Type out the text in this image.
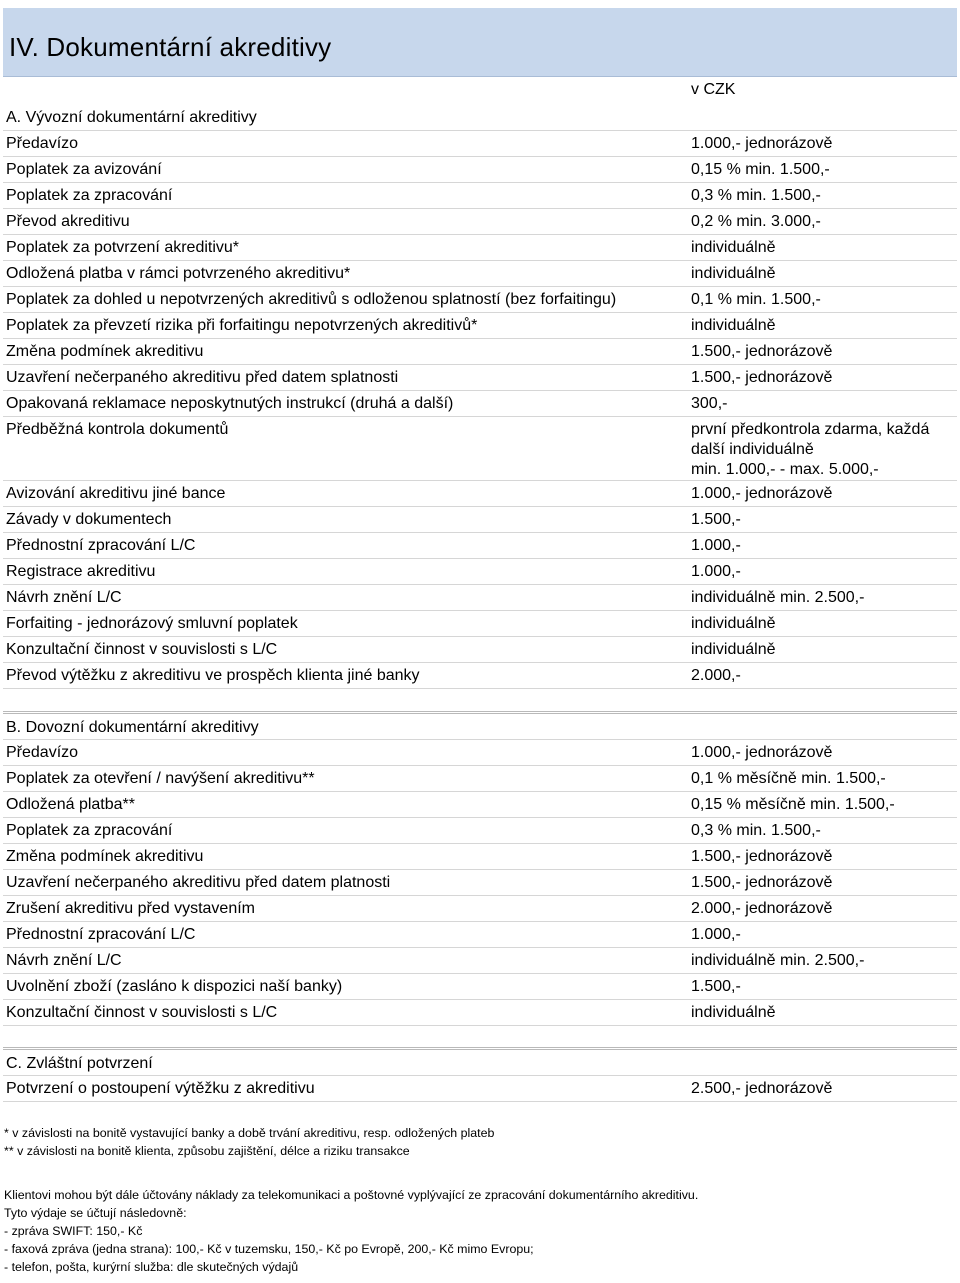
IV. Dokumentární akreditivy
v CZK
A. Vývozní dokumentární akreditivy
Předavízo	1.000,- jednorázově
Poplatek za avizování	0,15 % min. 1.500,-
Poplatek za zpracování	0,3 % min. 1.500,-
Převod akreditivu	0,2 % min. 3.000,-
Poplatek za potvrzení akreditivu*	individuálně
Odložená platba v rámci potvrzeného akreditivu*	individuálně
Poplatek za dohled u nepotvrzených akreditivů s odloženou splatností (bez forfaitingu)	0,1 % min. 1.500,-
Poplatek za převzetí rizika při forfaitingu nepotvrzených akreditivů*	individuálně
Změna podmínek akreditivu	1.500,- jednorázově
Uzavření nečerpaného akreditivu před datem splatnosti	1.500,- jednorázově
Opakovaná reklamace neposkytnutých instrukcí (druhá a další)	300,-
Předběžná kontrola dokumentů	první předkontrola zdarma, každá
další individuálně
min. 1.000,- - max. 5.000,-
Avizování akreditivu jiné bance	1.000,- jednorázově
Závady v dokumentech	1.500,-
Přednostní zpracování L/C	1.000,-
Registrace akreditivu	1.000,-
Návrh znění L/C	individuálně min. 2.500,-
Forfaiting - jednorázový smluvní poplatek	individuálně
Konzultační činnost v souvislosti s L/C	individuálně
Převod výtěžku z akreditivu ve prospěch klienta jiné banky	2.000,-
B. Dovozní dokumentární akreditivy
Předavízo	1.000,- jednorázově
Poplatek za otevření / navýšení akreditivu**	0,1 % měsíčně min. 1.500,-
Odložená platba**	0,15 % měsíčně min. 1.500,-
Poplatek za zpracování	0,3 % min. 1.500,-
Změna podmínek akreditivu	1.500,- jednorázově
Uzavření nečerpaného akreditivu před datem platnosti	1.500,- jednorázově
Zrušení akreditivu před vystavením	2.000,- jednorázově
Přednostní zpracování L/C	1.000,-
Návrh znění L/C	individuálně min. 2.500,-
Uvolnění zboží (zasláno k dispozici naší banky)	1.500,-
Konzultační činnost v souvislosti s L/C	individuálně
C. Zvláštní potvrzení
Potvrzení o postoupení výtěžku z akreditivu	2.500,- jednorázově
* v závislosti na bonitě vystavující banky a době trvání akreditivu, resp. odložených plateb
** v závislosti na bonitě klienta, způsobu zajištění, délce a riziku transakce
Klientovi mohou být dále účtovány náklady za telekomunikaci a poštovné vyplývající ze zpracování dokumentárního akreditivu. Tyto výdaje se účtují následovně:
- zpráva SWIFT: 150,- Kč
- faxová zpráva (jedna strana): 100,- Kč v tuzemsku, 150,- Kč po Evropě, 200,- Kč mimo Evropu;
- telefon, pošta, kurýrní služba: dle skutečných výdajů
